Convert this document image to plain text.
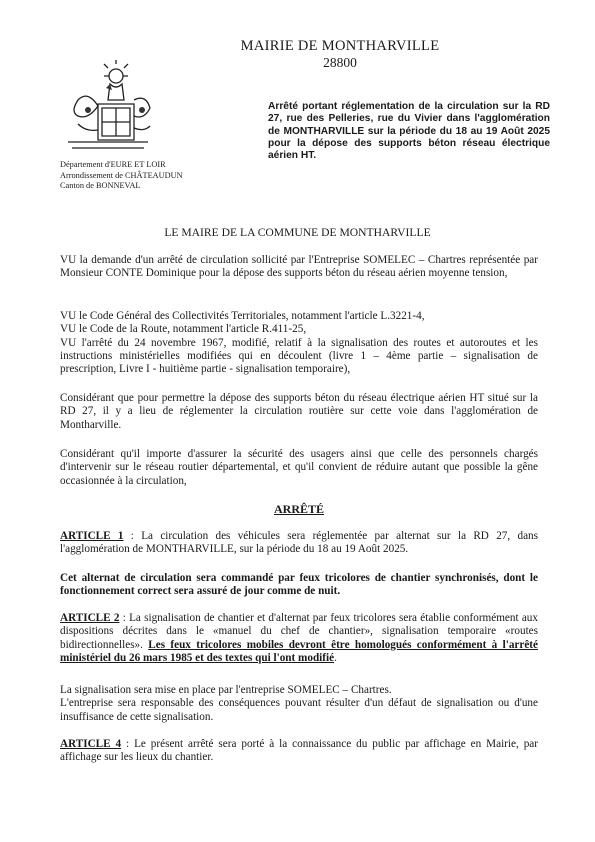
MAIRIE DE MONTHARVILLE
28800
Département d'EURE ET LOIR
Arrondissement de CHÂTEAUDUN
Canton de BONNEVAL
Arrêté portant réglementation de la circulation sur la RD 27, rue des Pelleries, rue du Vivier dans l'agglomération de MONTHARVILLE sur la période du 18 au 19 Août 2025 pour la dépose des supports béton réseau électrique aérien HT.
LE MAIRE DE LA COMMUNE DE MONTHARVILLE

VU la demande d'un arrêté de circulation sollicité par l'Entreprise SOMELEC – Chartres représentée par Monsieur CONTE Dominique pour la dépose des supports béton du réseau aérien moyenne tension,

VU le Code Général des Collectivités Territoriales, notamment l'article L.3221-4,

VU le Code de la Route, notamment l'article R.411-25,

VU l'arrêté du 24 novembre 1967, modifié, relatif à la signalisation des routes et autoroutes et les instructions ministérielles modifiées qui en découlent (livre 1 – 4ème partie – signalisation de prescription, Livre I - huitième partie - signalisation temporaire),

Considérant que pour permettre la dépose des supports béton du réseau électrique aérien HT situé sur la RD 27, il y a lieu de réglementer la circulation routière sur cette voie dans l'agglomération de Montharville.

Considérant qu'il importe d'assurer la sécurité des usagers ainsi que celle des personnels chargés d'intervenir sur le réseau routier départemental, et qu'il convient de réduire autant que possible la gêne occasionnée à la circulation,

ARRÊTÉ

ARTICLE 1 : La circulation des véhicules sera réglementée par alternat sur la RD 27, dans l'agglomération de MONTHARVILLE, sur la période du 18 au 19 Août 2025.

Cet alternat de circulation sera commandé par feux tricolores de chantier synchronisés, dont le fonctionnement correct sera assuré de jour comme de nuit.

ARTICLE 2 : La signalisation de chantier et d'alternat par feux tricolores sera établie conformément aux dispositions décrites dans le «manuel du chef de chantier», signalisation temporaire «routes bidirectionnelles». Les feux tricolores mobiles devront être homologués conformément à l'arrêté ministériel du 26 mars 1985 et des textes qui l'ont modifié.

La signalisation sera mise en place par l'entreprise SOMELEC – Chartres.

L'entreprise sera responsable des conséquences pouvant résulter d'un défaut de signalisation ou d'une insuffisance de cette signalisation.

ARTICLE 4 : Le présent arrêté sera porté à la connaissance du public par affichage en Mairie, par affichage sur les lieux du chantier.
